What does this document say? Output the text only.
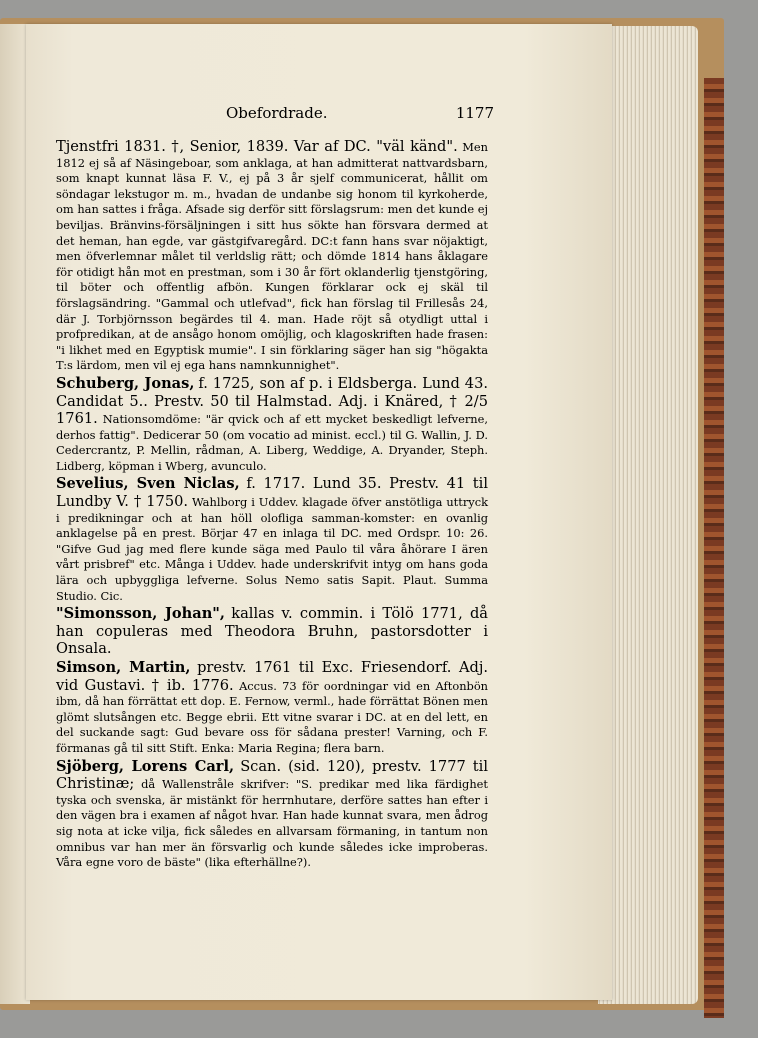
Obefordrade.	1177

Tjenstfri 1831. †, Senior, 1839. Var af DC. "väl känd". Men 1812 ej så af Näsingeboar, som anklaga, at han admitterat nattvardsbarn, som knapt kunnat läsa F. V., ej på 3 år sjelf communicerat, hållit om söndagar lekstugor m. m., hvadan de undanbe sig honom til kyrkoherde, om han sattes i fråga. Afsade sig derför sitt förslagsrum: men det kunde ej beviljas. Bränvins-försäljningen i sitt hus sökte han försvara dermed at det heman, han egde, var gästgifvaregård. DC:t fann hans svar nöjaktigt, men öfverlemnar målet til verldslig rätt; och dömde 1814 hans åklagare för otidigt hån mot en prestman, som i 30 år fört oklanderlig tjenstgöring, til böter och offentlig afbön. Kungen förklarar ock ej skäl til förslagsändring. "Gammal och utlefvad", fick han förslag til Frillesås 24, där J. Torbjörnsson begärdes til 4. man. Hade röjt så otydligt uttal i profpredikan, at de ansågo honom omöjlig, och klagoskriften hade frasen: "i likhet med en Egyptisk mumie". I sin förklaring säger han sig "högakta T:s lärdom, men vil ej ega hans namnkunnighet".

Schuberg, Jonas, f. 1725, son af p. i Eldsberga. Lund 43. Candidat 5.. Prestv. 50 til Halmstad. Adj. i Knäred, † 2/5 1761. Nationsomdöme: "är qvick och af ett mycket beskedligt lefverne, derhos fattig". Dedicerar 50 (om vocatio ad minist. eccl.) til G. Wallin, J. D. Cedercrantz, P. Mellin, rådman, A. Liberg, Weddige, A. Dryander, Steph. Lidberg, köpman i Wberg, avunculo.

Sevelius, Sven Niclas, f. 1717. Lund 35. Prestv. 41 til Lundby V. † 1750. Wahlborg i Uddev. klagade öfver anstötliga uttryck i predikningar och at han höll olofliga samman-komster: en ovanlig anklagelse på en prest. Börjar 47 en inlaga til DC. med Ordspr. 10: 26. "Gifve Gud jag med flere kunde säga med Paulo til våra åhörare I ären vårt prisbref" etc. Många i Uddev. hade underskrifvit intyg om hans goda lära och upbyggliga lefverne. Solus Nemo satis Sapit. Plaut. Summa Studio. Cic.

"Simonsson, Johan", kallas v. commin. i Tölö 1771, då han copuleras med Theodora Bruhn, pastorsdotter i Onsala.

Simson, Martin, prestv. 1761 til Exc. Friesendorf. Adj. vid Gustavi. † ib. 1776. Accus. 73 för oordningar vid en Aftonbön ibm, då han förrättat ett dop. E. Fernow, verml., hade förrättat Bönen men glömt slutsången etc. Begge ebrii. Ett vitne svarar i DC. at en del lett, en del suckande sagt: Gud bevare oss för sådana prester! Varning, och F. förmanas gå til sitt Stift. Enka: Maria Regina; flera barn.

Sjöberg, Lorens Carl, Scan. (sid. 120), prestv. 1777 til Christinæ; då Wallenstråle skrifver: "S. predikar med lika färdighet tyska och svenska, är mistänkt för herrnhutare, derföre sattes han efter i den vägen bra i examen af något hvar. Han hade kunnat svara, men ådrog sig nota at icke vilja, fick således en allvarsam förmaning, in tantum non omnibus var han mer än försvarlig och kunde således icke improberas. Våra egne voro de bäste" (lika efterhällne?).
